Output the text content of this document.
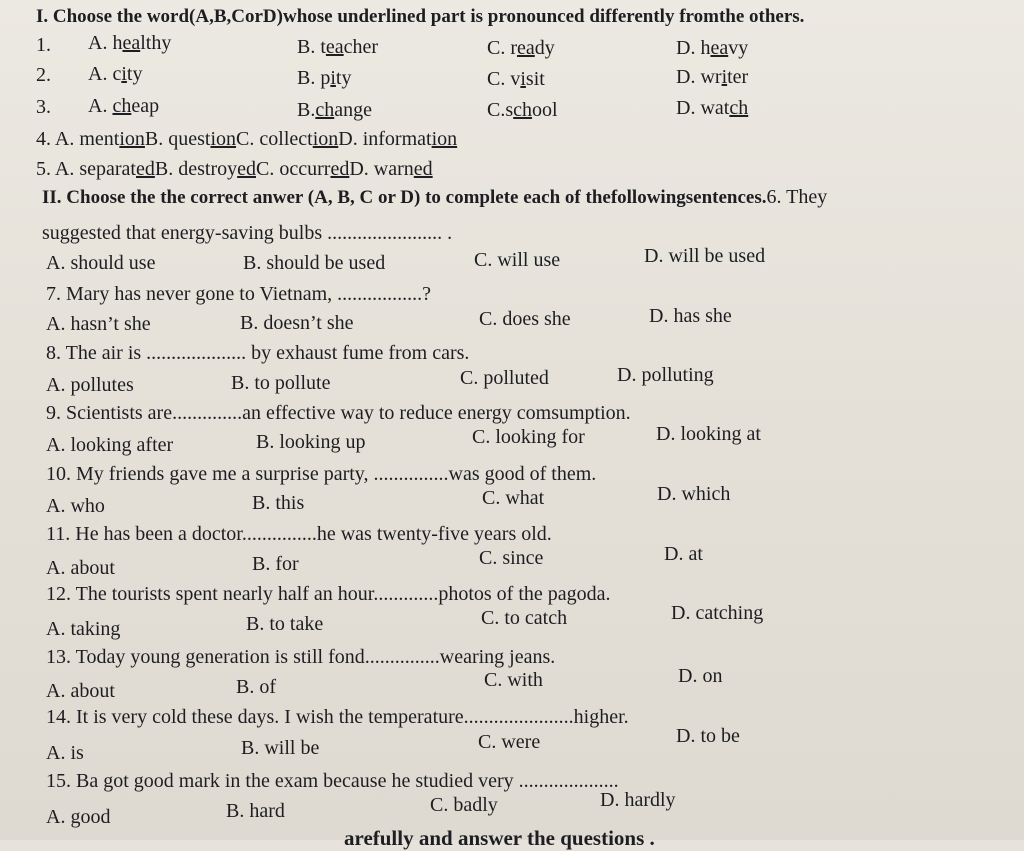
I. Choose the word(A,B,CorD)whose underlined part is pronounced differently fromthe others.
1. A. healthy	B. teacher	C. ready	D. heavy
2. A. city	B. pity	C. visit	D. writer
3. A. cheap	B.change	C.school	D. watch
4. A. mentionB. questionC. collectionD. information
5. A. separatedB. destroyedC. occurredD. warned
II. Choose the the correct anwer (A, B, C or D) to complete each of thefollowingsentences.6. They
suggested that energy-saving bulbs ....................... .
A. should use	B. should be used	C. will use	D. will be used
7. Mary has never gone to Vietnam, .................?
A. hasn’t she	B. doesn’t she	C. does she	D. has she
8. The air is .................... by exhaust fume from cars.
A. pollutes	B. to pollute	C. polluted	D. polluting
9. Scientists are..............an effective way to reduce energy comsumption.
A. looking after	B. looking up	C. looking for	D. looking at
10. My friends gave me a surprise party, ...............was good of them.
A. who	B. this	C. what	D. which
11. He has been a doctor...............he was twenty-five years old.
A. about	B. for	C. since	D. at
12. The tourists spent nearly half an hour.............photos of the pagoda.
A. taking	B. to take	C. to catch	D. catching
13. Today young generation is still fond...............wearing jeans.
A. about	B. of	C. with	D. on
14. It is very cold these days. I wish the temperature......................higher.
A. is	B. will be	C. were	D. to be
15. Ba got good mark in the exam because he studied very ....................
A. good	B. hard	C. badly	D. hardly
arefully and answer the questions .
